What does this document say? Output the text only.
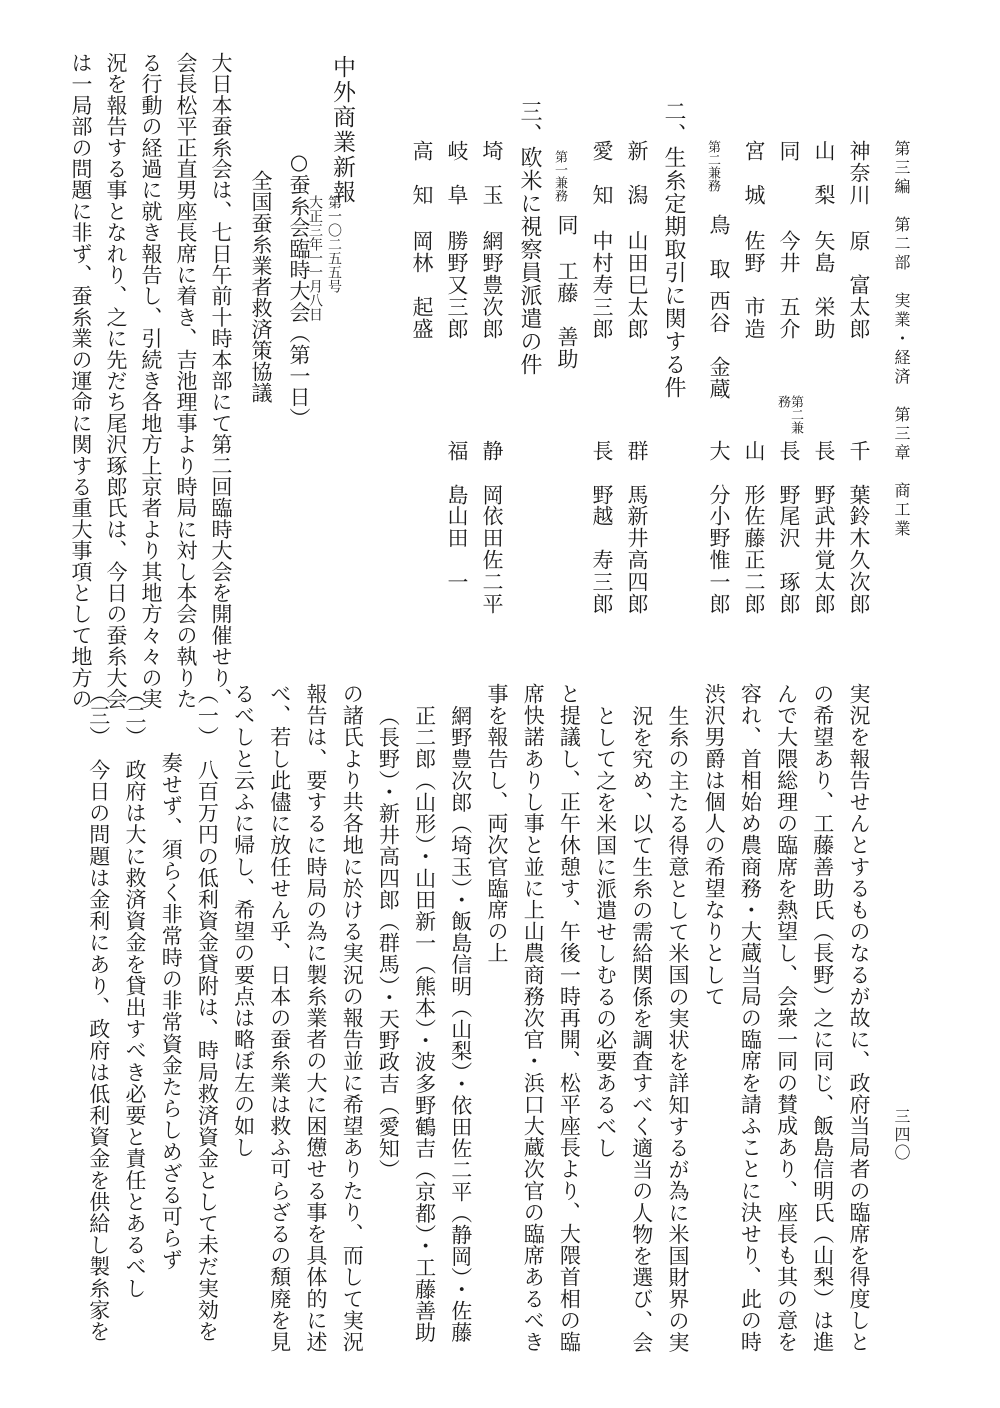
第三編　第二部　実業・経済　第三章　商工業
三四〇
神奈川
原　富太郎
山　梨
矢島　栄助
同
今井　五介
宮　城
佐野　市造
第二兼務
鳥　取
西谷　金蔵
千　葉
鈴木久次郎
長　野
武井覚太郎
第二兼務
長　野
尾沢　琢郎
山　形
佐藤正二郎
大　分
小野惟一郎
二、生糸定期取引に関する件
新　潟
山田巳太郎
群　馬
新井高四郎
愛　知
中村寿三郎
長　野
越　寿三郎
第一兼務
同
工藤　善助
三、欧米に視察員派遣の件
埼　玉
網野豊次郎
静　岡
依田佐二平
岐　阜
勝野又三郎
福　島
山田　一
高　知
岡林　起盛
中外商業新報
第一〇二五五号
大正三年一一月八日
○蚕糸会臨時大会（第一日）
全国蚕糸業者救済策協議
大日本蚕糸会は、七日午前十時本部にて第二回臨時大会を開催せり、
会長松平正直男座長席に着き、吉池理事より時局に対し本会の執りた
る行動の経過に就き報告し、引続き各地方上京者より其地方々々の実
況を報告する事となれり、之に先だち尾沢琢郎氏は、今日の蚕糸大会
は一局部の問題に非ず、蚕糸業の運命に関する重大事項として地方の
実況を報告せんとするものなるが故に、政府当局者の臨席を得度しと
の希望あり、工藤善助氏（長野）之に同じ、飯島信明氏（山梨）は進
んで大隈総理の臨席を熱望し、会衆一同の賛成あり、座長も其の意を
容れ、首相始め農商務・大蔵当局の臨席を請ふことに決せり、此の時
渋沢男爵は個人の希望なりとして
生糸の主たる得意として米国の実状を詳知するが為に米国財界の実
況を究め、以て生糸の需給関係を調査すべく適当の人物を選び、会
として之を米国に派遣せしむるの必要あるべし
と提議し、正午休憩す、午後一時再開、松平座長より、大隈首相の臨
席快諾ありし事と並に上山農商務次官・浜口大蔵次官の臨席あるべき
事を報告し、両次官臨席の上
網野豊次郎（埼玉）・飯島信明（山梨）・依田佐二平（静岡）・佐藤
正二郎（山形）・山田新一（熊本）・波多野鶴吉（京都）・工藤善助
（長野）・新井高四郎（群馬）・天野政吉（愛知）
の諸氏より共各地に於ける実況の報告並に希望ありたり、而して実況
報告は、要するに時局の為に製糸業者の大に困憊せる事を具体的に述
べ、若し此儘に放任せん乎、日本の蚕糸業は救ふ可らざるの頽廃を見
るべしと云ふに帰し、希望の要点は略ぼ左の如し
（一）　八百万円の低利資金貸附は、時局救済資金として未だ実効を
奏せず、須らく非常時の非常資金たらしめざる可らず
（二）　政府は大に救済資金を貸出すべき必要と責任とあるべし
（三）　今日の問題は金利にあり、政府は低利資金を供給し製糸家を
